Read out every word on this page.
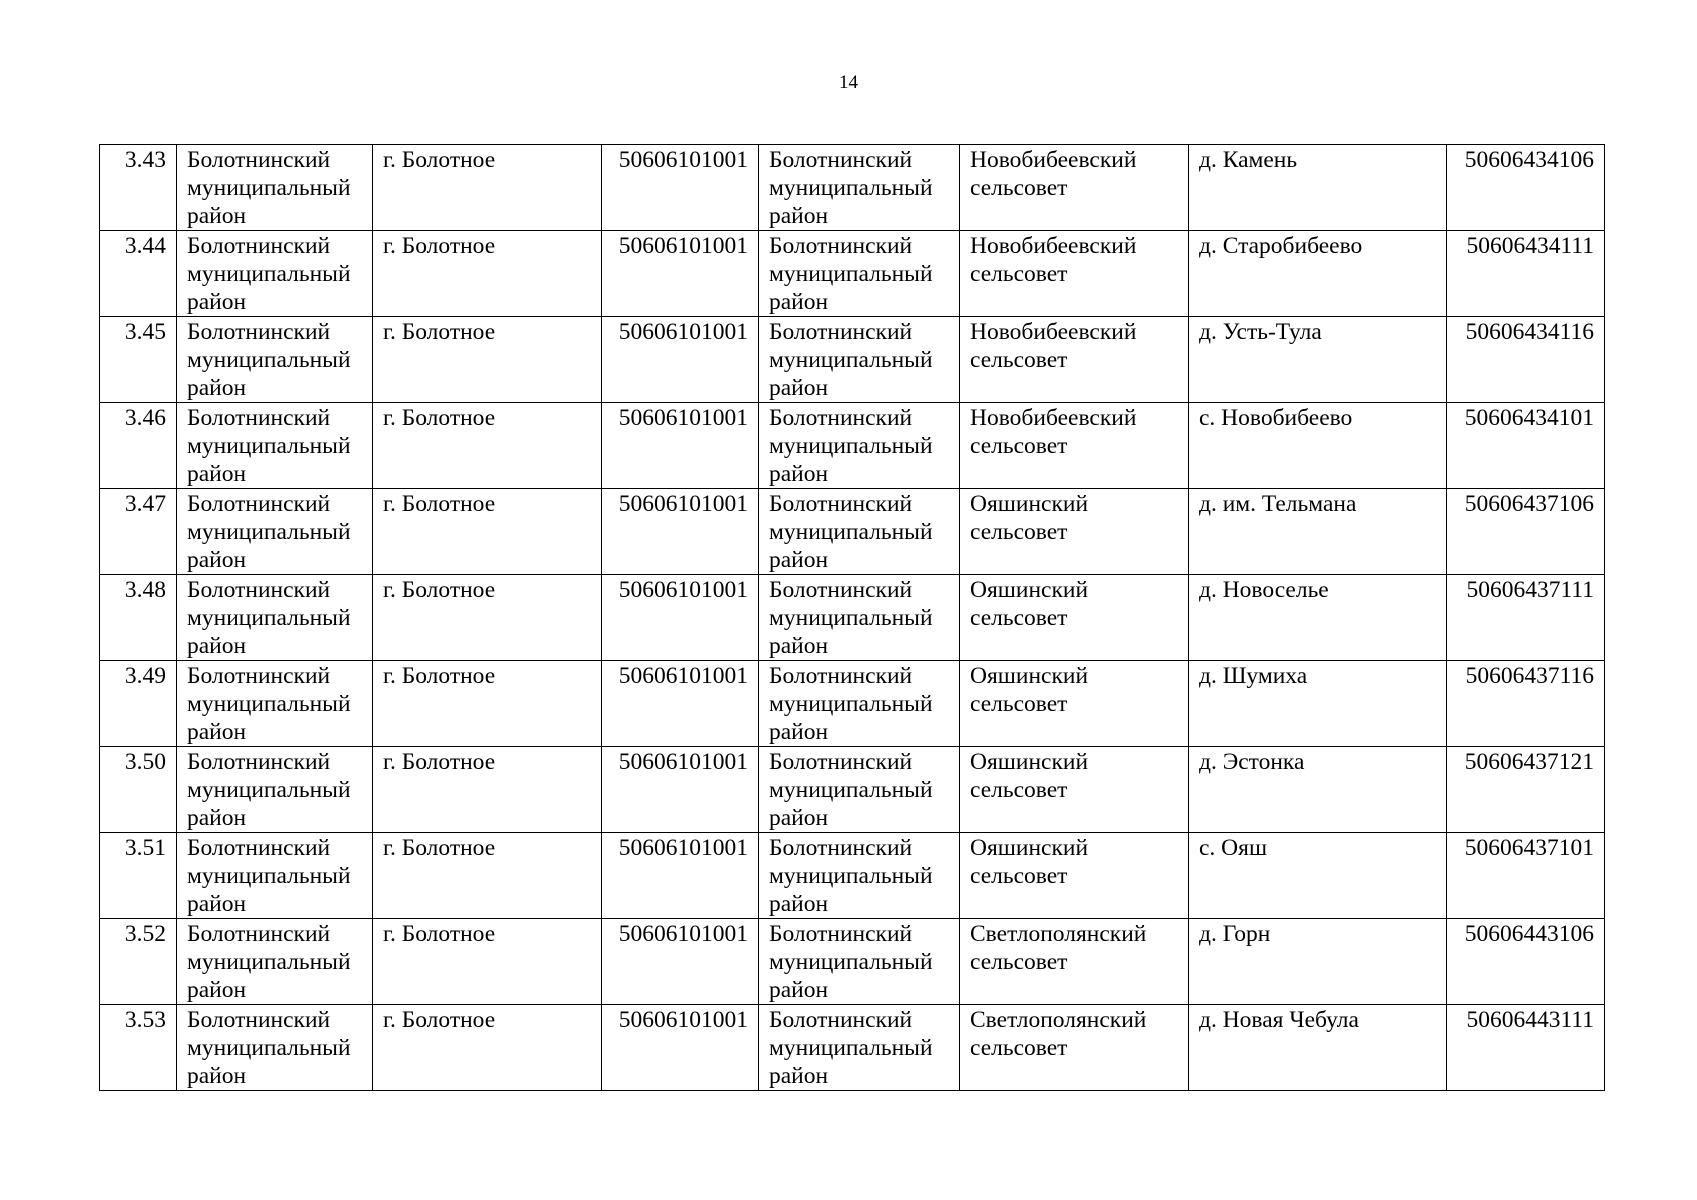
14
3.43	Болотнинский муниципальный район	г. Болотное	50606101001	Болотнинский муниципальный район	Новобибеевский сельсовет	д. Камень	50606434106
3.44	Болотнинский муниципальный район	г. Болотное	50606101001	Болотнинский муниципальный район	Новобибеевский сельсовет	д. Старобибеево	50606434111
3.45	Болотнинский муниципальный район	г. Болотное	50606101001	Болотнинский муниципальный район	Новобибеевский сельсовет	д. Усть-Тула	50606434116
3.46	Болотнинский муниципальный район	г. Болотное	50606101001	Болотнинский муниципальный район	Новобибеевский сельсовет	с. Новобибеево	50606434101
3.47	Болотнинский муниципальный район	г. Болотное	50606101001	Болотнинский муниципальный район	Ояшинский сельсовет	д. им. Тельмана	50606437106
3.48	Болотнинский муниципальный район	г. Болотное	50606101001	Болотнинский муниципальный район	Ояшинский сельсовет	д. Новоселье	50606437111
3.49	Болотнинский муниципальный район	г. Болотное	50606101001	Болотнинский муниципальный район	Ояшинский сельсовет	д. Шумиха	50606437116
3.50	Болотнинский муниципальный район	г. Болотное	50606101001	Болотнинский муниципальный район	Ояшинский сельсовет	д. Эстонка	50606437121
3.51	Болотнинский муниципальный район	г. Болотное	50606101001	Болотнинский муниципальный район	Ояшинский сельсовет	с. Ояш	50606437101
3.52	Болотнинский муниципальный район	г. Болотное	50606101001	Болотнинский муниципальный район	Светлополянский сельсовет	д. Горн	50606443106
3.53	Болотнинский муниципальный район	г. Болотное	50606101001	Болотнинский муниципальный район	Светлополянский сельсовет	д. Новая Чебула	50606443111
